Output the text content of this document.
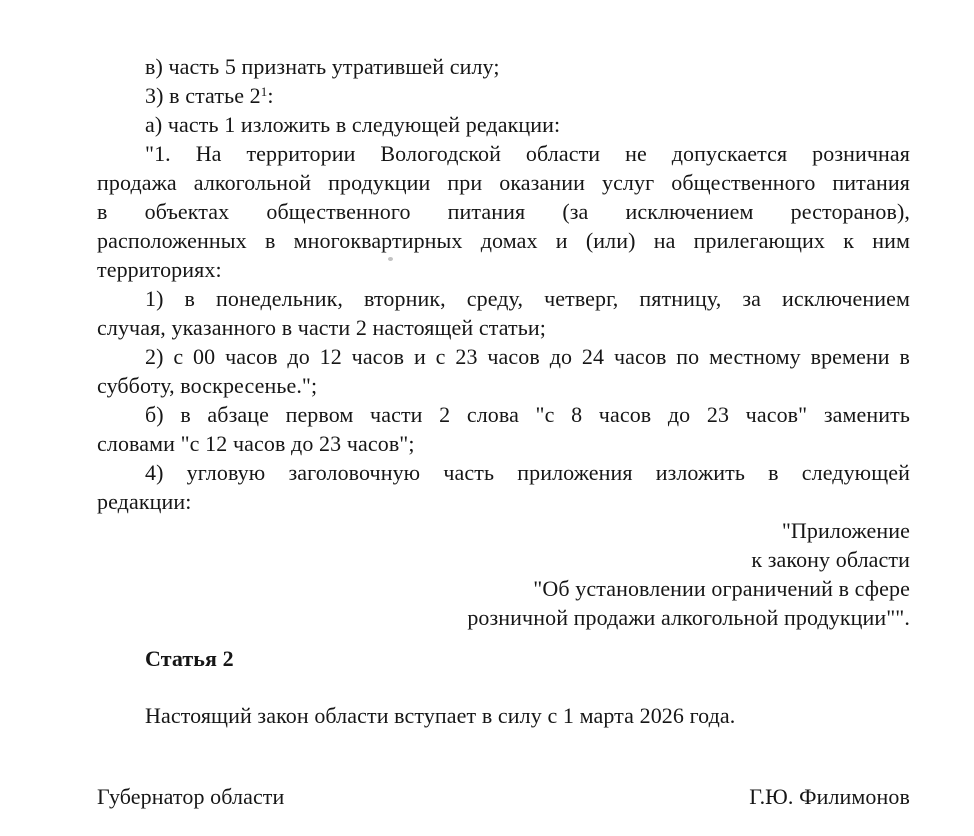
в) часть 5 признать утратившей силу;
3) в статье 2$^1$:
а) часть 1 изложить в следующей редакции:
"1. На территории Вологодской области не допускается розничная
продажа алкогольной продукции при оказании услуг общественного питания
в объектах общественного питания (за исключением ресторанов),
расположенных в многоквартирных домах и (или) на прилегающих к ним
территориях:
1) в понедельник, вторник, среду, четверг, пятницу, за исключением
случая, указанного в части 2 настоящей статьи;
2) с 00 часов до 12 часов и с 23 часов до 24 часов по местному времени в
субботу, воскресенье.";
б) в абзаце первом части 2 слова "с 8 часов до 23 часов" заменить
словами "с 12 часов до 23 часов";
4) угловую заголовочную часть приложения изложить в следующей
редакции:
"Приложение
к закону области
"Об установлении ограничений в сфере
розничной продажи алкогольной продукции"".
Статья 2
Настоящий закон области вступает в силу с 1 марта 2026 года.
Губернатор области	Г.Ю. Филимонов
